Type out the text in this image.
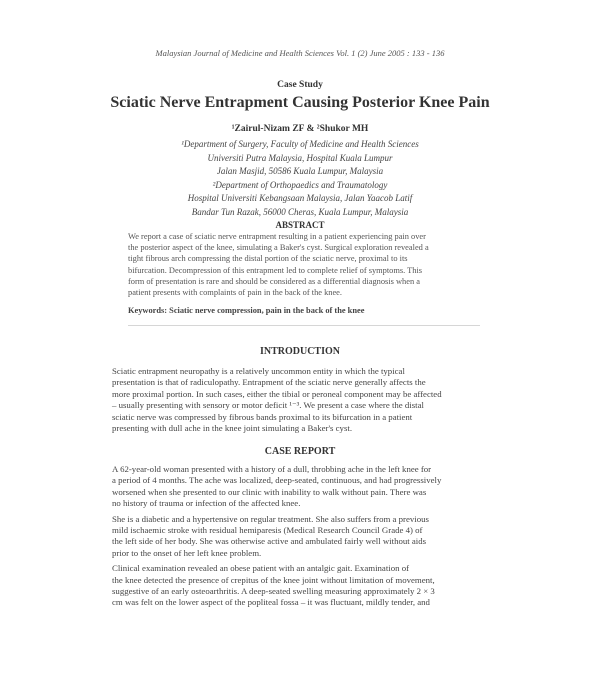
Malaysian Journal of Medicine and Health Sciences Vol. 1 (2) June 2005 : 133 - 136
Case Study
Sciatic Nerve Entrapment Causing Posterior Knee Pain
¹Zairul-Nizam ZF & ²Shukor MH
¹Department of Surgery, Faculty of Medicine and Health Sciences
Universiti Putra Malaysia, Hospital Kuala Lumpur
Jalan Masjid, 50586 Kuala Lumpur, Malaysia
²Department of Orthopaedics and Traumatology
Hospital Universiti Kebangsaan Malaysia, Jalan Yaacob Latif
Bandar Tun Razak, 56000 Cheras, Kuala Lumpur, Malaysia
ABSTRACT
We report a case of sciatic nerve entrapment resulting in a patient experiencing pain over
the posterior aspect of the knee, simulating a Baker's cyst. Surgical exploration revealed a
tight fibrous arch compressing the distal portion of the sciatic nerve, proximal to its
bifurcation. Decompression of this entrapment led to complete relief of symptoms. This
form of presentation is rare and should be considered as a differential diagnosis when a
patient presents with complaints of pain in the back of the knee.
Keywords: Sciatic nerve compression, pain in the back of the knee
INTRODUCTION
Sciatic entrapment neuropathy is a relatively uncommon entity in which the typical
presentation is that of radiculopathy. Entrapment of the sciatic nerve generally affects the
more proximal portion. In such cases, either the tibial or peroneal component may be affected
– usually presenting with sensory or motor deficit ¹⁻³. We present a case where the distal
sciatic nerve was compressed by fibrous bands proximal to its bifurcation in a patient
presenting with dull ache in the knee joint simulating a Baker's cyst.
CASE REPORT
A 62-year-old woman presented with a history of a dull, throbbing ache in the left knee for
a period of 4 months. The ache was localized, deep-seated, continuous, and had progressively
worsened when she presented to our clinic with inability to walk without pain. There was
no history of trauma or infection of the affected knee.
She is a diabetic and a hypertensive on regular treatment. She also suffers from a previous
mild ischaemic stroke with residual hemiparesis (Medical Research Council Grade 4) of
the left side of her body. She was otherwise active and ambulated fairly well without aids
prior to the onset of her left knee problem.
Clinical examination revealed an obese patient with an antalgic gait. Examination of
the knee detected the presence of crepitus of the knee joint without limitation of movement,
suggestive of an early osteoarthritis. A deep-seated swelling measuring approximately 2 × 3
cm was felt on the lower aspect of the popliteal fossa – it was fluctuant, mildly tender, and
